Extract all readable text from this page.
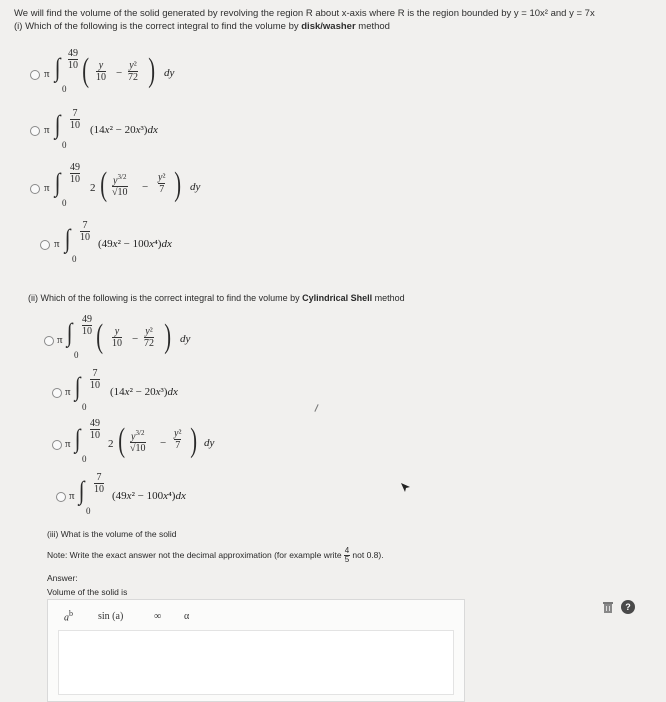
We will find the volume of the solid generated by revolving the region R about x-axis where R is the region bounded by y = 10x² and y = 7x
(i) Which of the following is the correct integral to find the volume by disk/washer method
π ∫ 49
10
0 ( y
10 −
y²
72 ) dy
π ∫ 7
10
0
(14x² − 20x³)dx
π ∫
49
10
0
2 ( $y^{3/2}$
√10 −
y²
7 ) dy
π ∫ 7
10
0
(49x² − 100x⁴)dx
(ii) Which of the following is the correct integral to find the volume by Cylindrical Shell method
π ∫ 49
10
0 ( y
10 −
y²
72 ) dy
π ∫ 7
10
0
(14x² − 20x³)dx
π ∫
49
10
0
2 ( $y^{3/2}$
√10 −
y²
7 ) dy
π ∫ 7
10
0
(49x² − 100x⁴)dx
(iii) What is the volume of the solid
Note: Write the exact answer not the decimal approximation (for example write $\frac{4}{5}$ not 0.8).
Answer:
Volume of the solid is
$a^b$	sin (a)	∞ α
?
